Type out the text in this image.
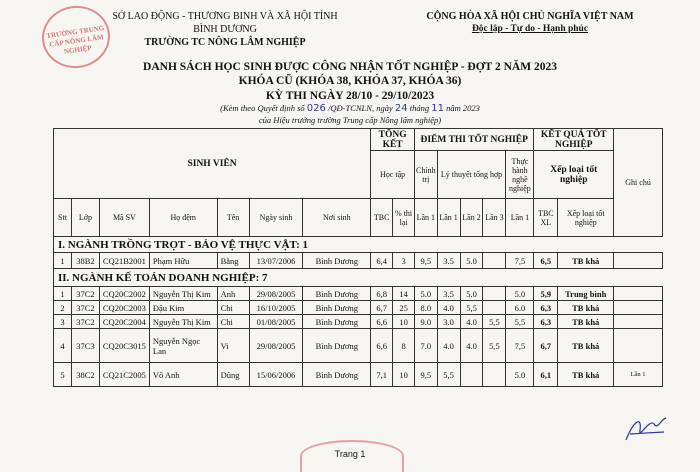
TRƯỜNG TRUNG CẤP NÔNG LÂM NGHIỆP
SỞ LAO ĐỘNG - THƯƠNG BINH VÀ XÃ HỘI TỈNH BÌNH DƯƠNG
TRƯỜNG TC NÔNG LÂM NGHIỆP
CỘNG HÒA XÃ HỘI CHỦ NGHĨA VIỆT NAM
Độc lập - Tự do - Hạnh phúc
DANH SÁCH HỌC SINH ĐƯỢC CÔNG NHẬN TỐT NGHIỆP - ĐỢT 2 NĂM 2023
KHÓA CŨ (KHÓA 38, KHÓA 37, KHÓA 36)
KỲ THI NGÀY 28/10 - 29/10/2023
(Kèm theo Quyết định số 026 /QĐ-TCNLN, ngày 24 tháng 11 năm 2023
của Hiệu trưởng trường Trung cấp Nông lâm nghiệp)
SINH VIÊN							TỔNG KẾT		ĐIỂM THI TỐT NGHIỆP					KẾT QUẢ TỐT NGHIỆP		Ghi chú
							Học tập		Chính trị	Lý thuyết tổng hợp			Thực hành nghề nghiệp	Xếp loại tốt nghiệp		
Stt	Lớp	Mã SV	Họ đệm	Tên	Ngày sinh	Nơi sinh	TBC	% thi lại	Lần 1	Lần 1	Lần 2	Lần 3	Lần 1	TBC XL	Xếp loại tốt nghiệp	
I. NGÀNH TRỒNG TRỌT - BẢO VỆ THỰC VẬT: 1																
1	38B2	CQ21B2001	Phạm Hữu	Bằng	13/07/2006	Bình Dương	6,4	3	9,5	3.5	5.0		7,5	6,5	TB khá	
II. NGÀNH KẾ TOÁN DOANH NGHIỆP: 7																
1	37C2	CQ20C2002	Nguyễn Thị Kim	Anh	29/08/2005	Bình Dương	6,8	14	5.0	3.5	5.0		5.0	5,9	Trung bình	
2	37C2	CQ20C2003	Đậu Kim	Chi	16/10/2005	Bình Dương	6,7	25	8.0	4.0	5,5		6.0	6,3	TB khá	
3	37C2	CQ20C2004	Nguyễn Thị Kim	Chi	01/08/2005	Bình Dương	6,6	10	9.0	3.0	4.0	5,5	5,5	6,3	TB khá	
4	37C3	CQ20C3015	Nguyễn Ngọc Lan	Vi	29/08/2005	Bình Dương	6,6	8	7.0	4.0	4.0	5,5	7,5	6,7	TB khá	
5	38C2	CQ21C2005	Võ Anh	Dũng	15/06/2006	Bình Dương	7,1	10	9,5	5,5			5.0	6,1	TB khá	Lần 1
Trang 1
